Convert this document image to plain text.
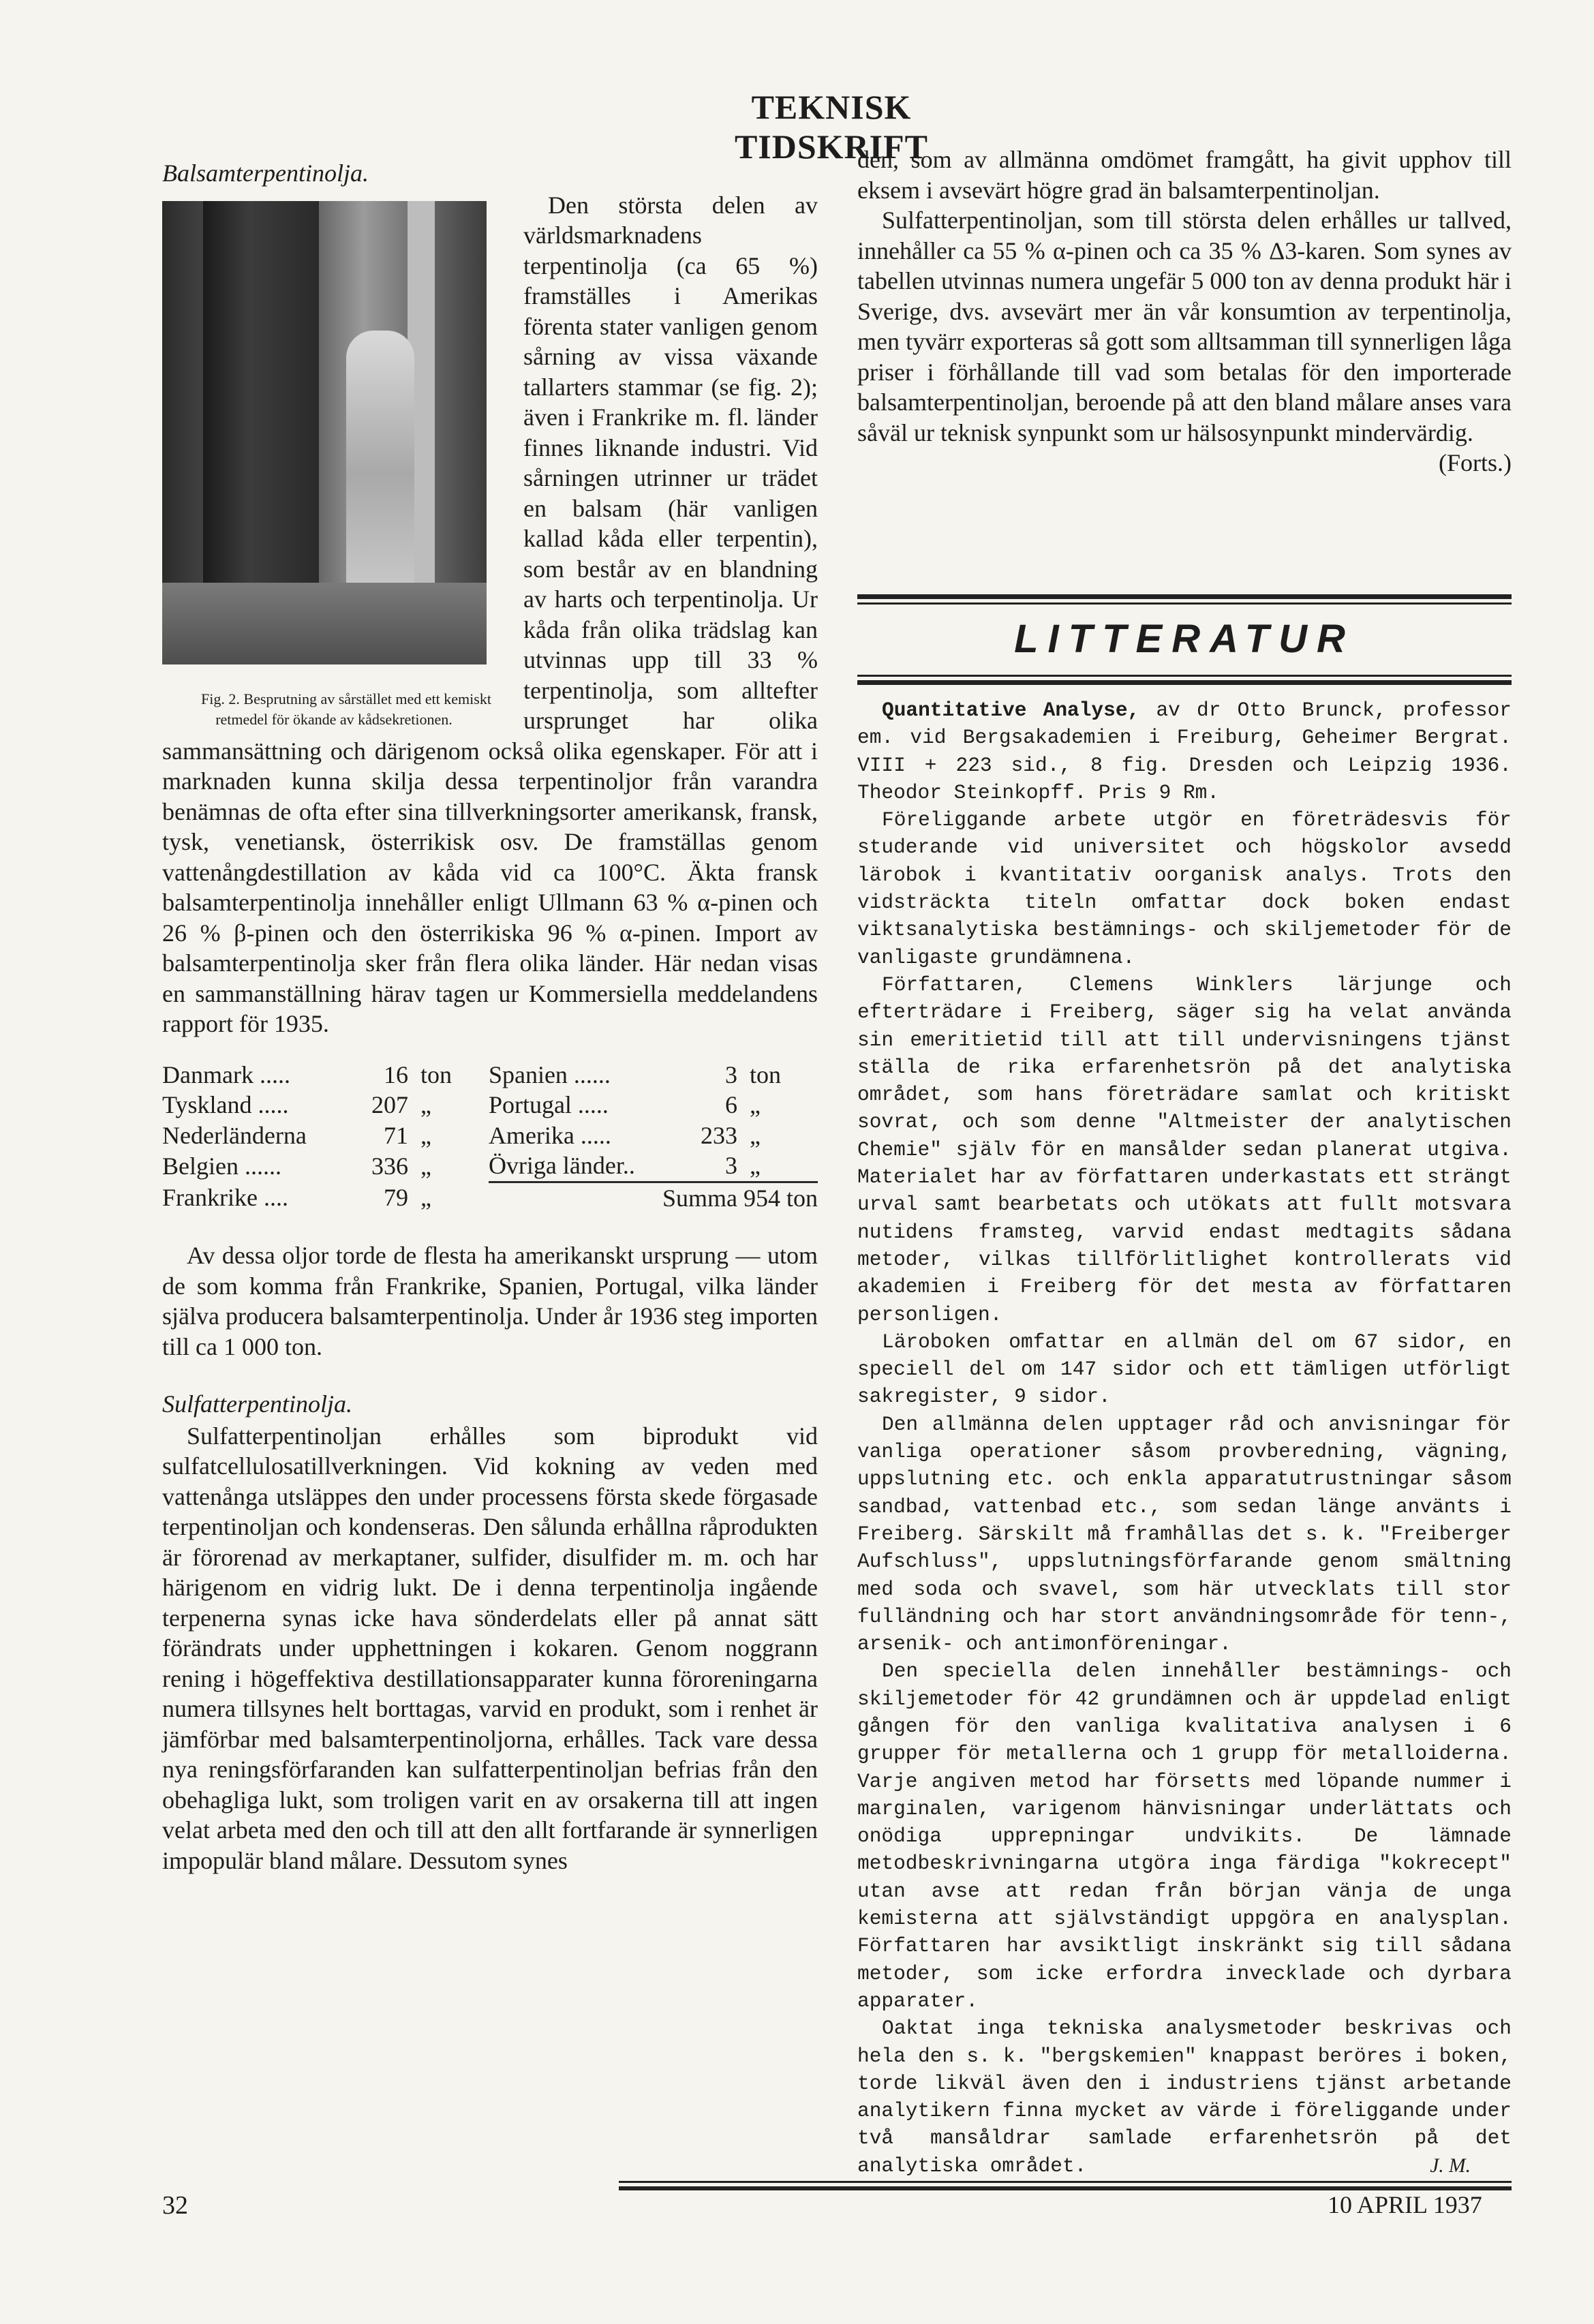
TEKNISK TIDSKRIFT
Balsamterpentinolja.

Fig. 2. Besprutning av sårstället med ett kemiskt retmedel för ökande av kådsekretionen.
Den största delen av världsmarknadens terpentinolja (ca 65 %) framställes i Amerikas förenta stater vanligen genom sårning av vissa växande tallarters stammar (se fig. 2); även i Frankrike m. fl. länder finnes liknande industri. Vid sårningen utrinner ur trädet en balsam (här vanligen kallad kåda eller terpentin), som består av en blandning av harts och terpentinolja. Ur kåda från olika trädslag kan utvinnas upp till 33 % terpentinolja, som alltefter ursprunget har olika sammansättning och därigenom också olika egenskaper. För att i marknaden kunna skilja dessa terpentinoljor från varandra benämnas de ofta efter sina tillverkningsorter amerikansk, fransk, tysk, venetiansk, österrikisk osv. De framställas genom vattenångdestillation av kåda vid ca 100°C. Äkta fransk balsamterpentinolja innehåller enligt Ullmann 63 % α-pinen och 26 % β-pinen och den österrikiska 96 % α-pinen. Import av balsamterpentinolja sker från flera olika länder. Här nedan visas en sammanställning härav tagen ur Kommersiella meddelandens rapport för 1935.

Danmark .....	16	ton	Spanien ......	3	ton
Tyskland .....	207	„	Portugal .....	6	„
Nederländerna	71	„	Amerika .....	233	„
Belgien ......	336	„	Övriga länder..	3	„
Frankrike ....	79	„	Summa 954 ton		

Av dessa oljor torde de flesta ha amerikanskt ursprung — utom de som komma från Frankrike, Spanien, Portugal, vilka länder själva producera balsamterpentinolja. Under år 1936 steg importen till ca 1 000 ton.

Sulfatterpentinolja.

Sulfatterpentinoljan erhålles som biprodukt vid sulfatcellulosatillverkningen. Vid kokning av veden med vattenånga utsläppes den under processens första skede förgasade terpentinoljan och kondenseras. Den sålunda erhållna råprodukten är förorenad av merkaptaner, sulfider, disulfider m. m. och har härigenom en vidrig lukt. De i denna terpentinolja ingående terpenerna synas icke hava sönderdelats eller på annat sätt förändrats under upphettningen i kokaren. Genom noggrann rening i högeffektiva destillationsapparater kunna föroreningarna numera tillsynes helt borttagas, varvid en produkt, som i renhet är jämförbar med balsamterpentinoljorna, erhålles. Tack vare dessa nya reningsförfaranden kan sulfatterpentinoljan befrias från den obehagliga lukt, som troligen varit en av orsakerna till att ingen velat arbeta med den och till att den allt fortfarande är synnerligen impopulär bland målare. Dessutom synes

den, som av allmänna omdömet framgått, ha givit upphov till eksem i avsevärt högre grad än balsamterpentinoljan.

Sulfatterpentinoljan, som till största delen erhålles ur tallved, innehåller ca 55 % α-pinen och ca 35 % Δ3-karen. Som synes av tabellen utvinnas numera ungefär 5 000 ton av denna produkt här i Sverige, dvs. avsevärt mer än vår konsumtion av terpentinolja, men tyvärr exporteras så gott som alltsamman till synnerligen låga priser i förhållande till vad som betalas för den importerade balsamterpentinoljan, beroende på att den bland målare anses vara såväl ur teknisk synpunkt som ur hälsosynpunkt mindervärdig.

(Forts.)
LITTERATUR

Quantitative Analyse, av dr Otto Brunck, professor em. vid Bergsakademien i Freiburg, Geheimer Bergrat. VIII + 223 sid., 8 fig. Dresden och Leipzig 1936. Theodor Steinkopff. Pris 9 Rm.

Föreliggande arbete utgör en företrädesvis för studerande vid universitet och högskolor avsedd lärobok i kvantitativ oorganisk analys. Trots den vidsträckta titeln omfattar dock boken endast viktsanalytiska bestämnings- och skiljemetoder för de vanligaste grundämnena.

Författaren, Clemens Winklers lärjunge och efterträdare i Freiberg, säger sig ha velat använda sin emeritietid till att till undervisningens tjänst ställa de rika erfarenhetsrön på det analytiska området, som hans företrädare samlat och kritiskt sovrat, och som denne "Altmeister der analytischen Chemie" själv för en mansålder sedan planerat utgiva. Materialet har av författaren underkastats ett strängt urval samt bearbetats och utökats att fullt motsvara nutidens framsteg, varvid endast medtagits sådana metoder, vilkas tillförlitlighet kontrollerats vid akademien i Freiberg för det mesta av författaren personligen.

Läroboken omfattar en allmän del om 67 sidor, en speciell del om 147 sidor och ett tämligen utförligt sakregister, 9 sidor.

Den allmänna delen upptager råd och anvisningar för vanliga operationer såsom provberedning, vägning, uppslutning etc. och enkla apparatutrustningar såsom sandbad, vattenbad etc., som sedan länge använts i Freiberg. Särskilt må framhållas det s. k. "Freiberger Aufschluss", uppslutningsförfarande genom smältning med soda och svavel, som här utvecklats till stor fulländning och har stort användningsområde för tenn-, arsenik- och antimonföreningar.

Den speciella delen innehåller bestämnings- och skiljemetoder för 42 grundämnen och är uppdelad enligt gången för den vanliga kvalitativa analysen i 6 grupper för metallerna och 1 grupp för metalloiderna. Varje angiven metod har försetts med löpande nummer i marginalen, varigenom hänvisningar underlättats och onödiga upprepningar undvikits. De lämnade metodbeskrivningarna utgöra inga färdiga "kokrecept" utan avse att redan från början vänja de unga kemisterna att självständigt uppgöra en analysplan. Författaren har avsiktligt inskränkt sig till sådana metoder, som icke erfordra invecklade och dyrbara apparater.

Oaktat inga tekniska analysmetoder beskrivas och hela den s. k. "bergskemien" knappast beröres i boken, torde likväl även den i industriens tjänst arbetande analytikern finna mycket av värde i föreliggande under två mansåldrar samlade erfarenhetsrön på det analytiska området.	J. M.

32	10 APRIL 1937
